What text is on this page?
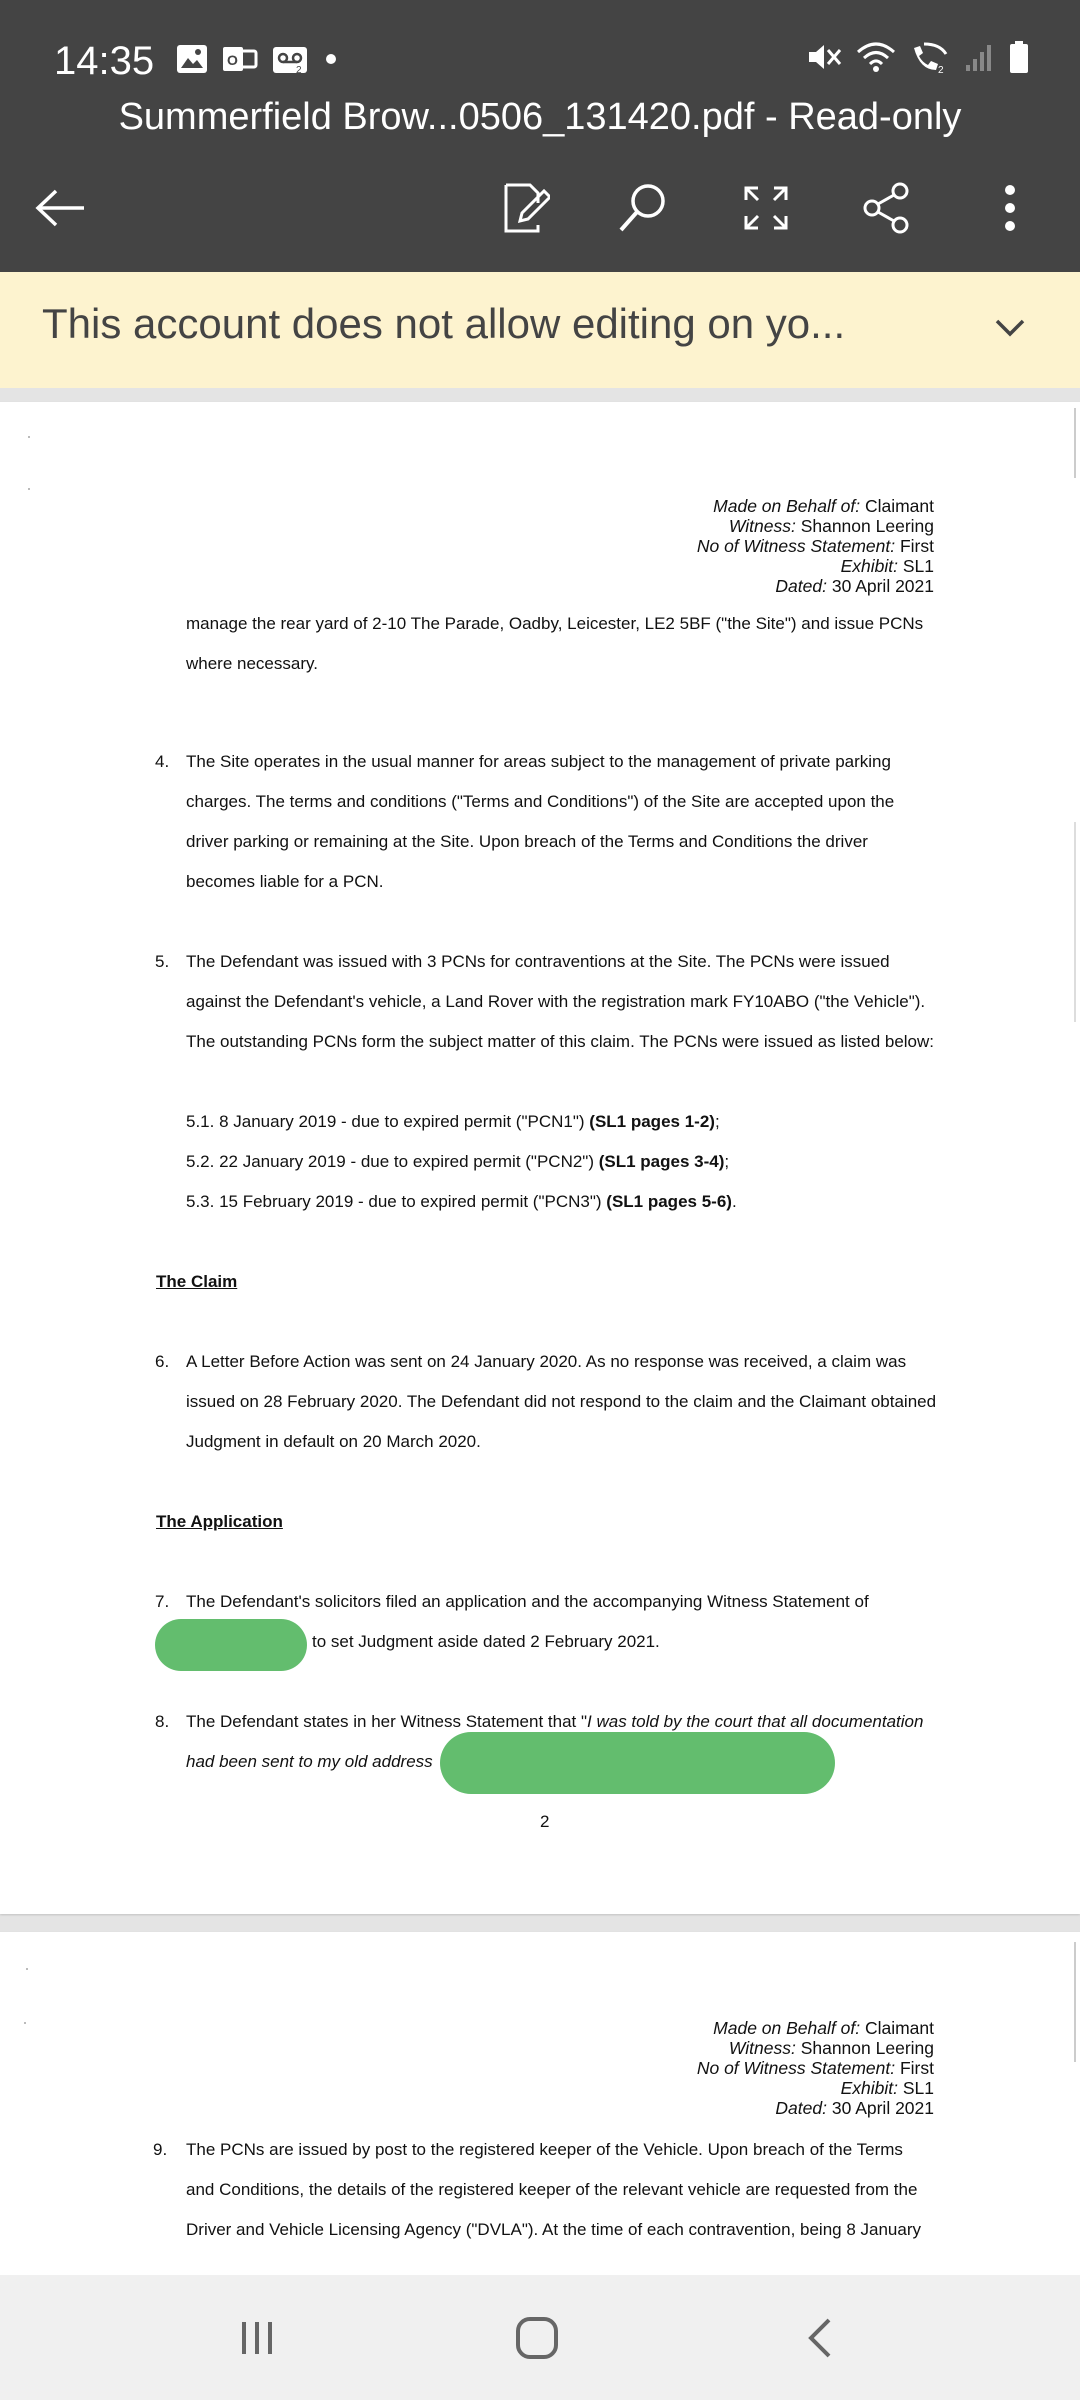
14:35	O
2	2
Summerfield Brow...0506_131420.pdf - Read-only
This account does not allow editing on yo...
Made on Behalf of: Claimant
Witness: Shannon Leering
No of Witness Statement: First
Exhibit: SL1
Dated: 30 April 2021
manage the rear yard of 2-10 The Parade, Oadby, Leicester, LE2 5BF ("the Site") and issue PCNs
where necessary.
4. The Site operates in the usual manner for areas subject to the management of private parking
charges. The terms and conditions ("Terms and Conditions") of the Site are accepted upon the
driver parking or remaining at the Site. Upon breach of the Terms and Conditions the driver
becomes liable for a PCN.
5. The Defendant was issued with 3 PCNs for contraventions at the Site. The PCNs were issued
against the Defendant's vehicle, a Land Rover with the registration mark FY10ABO ("the Vehicle").
The outstanding PCNs form the subject matter of this claim. The PCNs were issued as listed below:
5.1. 8 January 2019 - due to expired permit ("PCN1") (SL1 pages 1-2);
5.2. 22 January 2019 - due to expired permit ("PCN2") (SL1 pages 3-4);
5.3. 15 February 2019 - due to expired permit ("PCN3") (SL1 pages 5-6).
The Claim
6. A Letter Before Action was sent on 24 January 2020. As no response was received, a claim was
issued on 28 February 2020. The Defendant did not respond to the claim and the Claimant obtained
Judgment in default on 20 March 2020.
The Application
7. The Defendant's solicitors filed an application and the accompanying Witness Statement of
to set Judgment aside dated 2 February 2021.
8. The Defendant states in her Witness Statement that "I was told by the court that all documentation
had been sent to my old address
2
Made on Behalf of: Claimant
Witness: Shannon Leering
No of Witness Statement: First
Exhibit: SL1
Dated: 30 April 2021
9. The PCNs are issued by post to the registered keeper of the Vehicle. Upon breach of the Terms
and Conditions, the details of the registered keeper of the relevant vehicle are requested from the
Driver and Vehicle Licensing Agency ("DVLA"). At the time of each contravention, being 8 January
